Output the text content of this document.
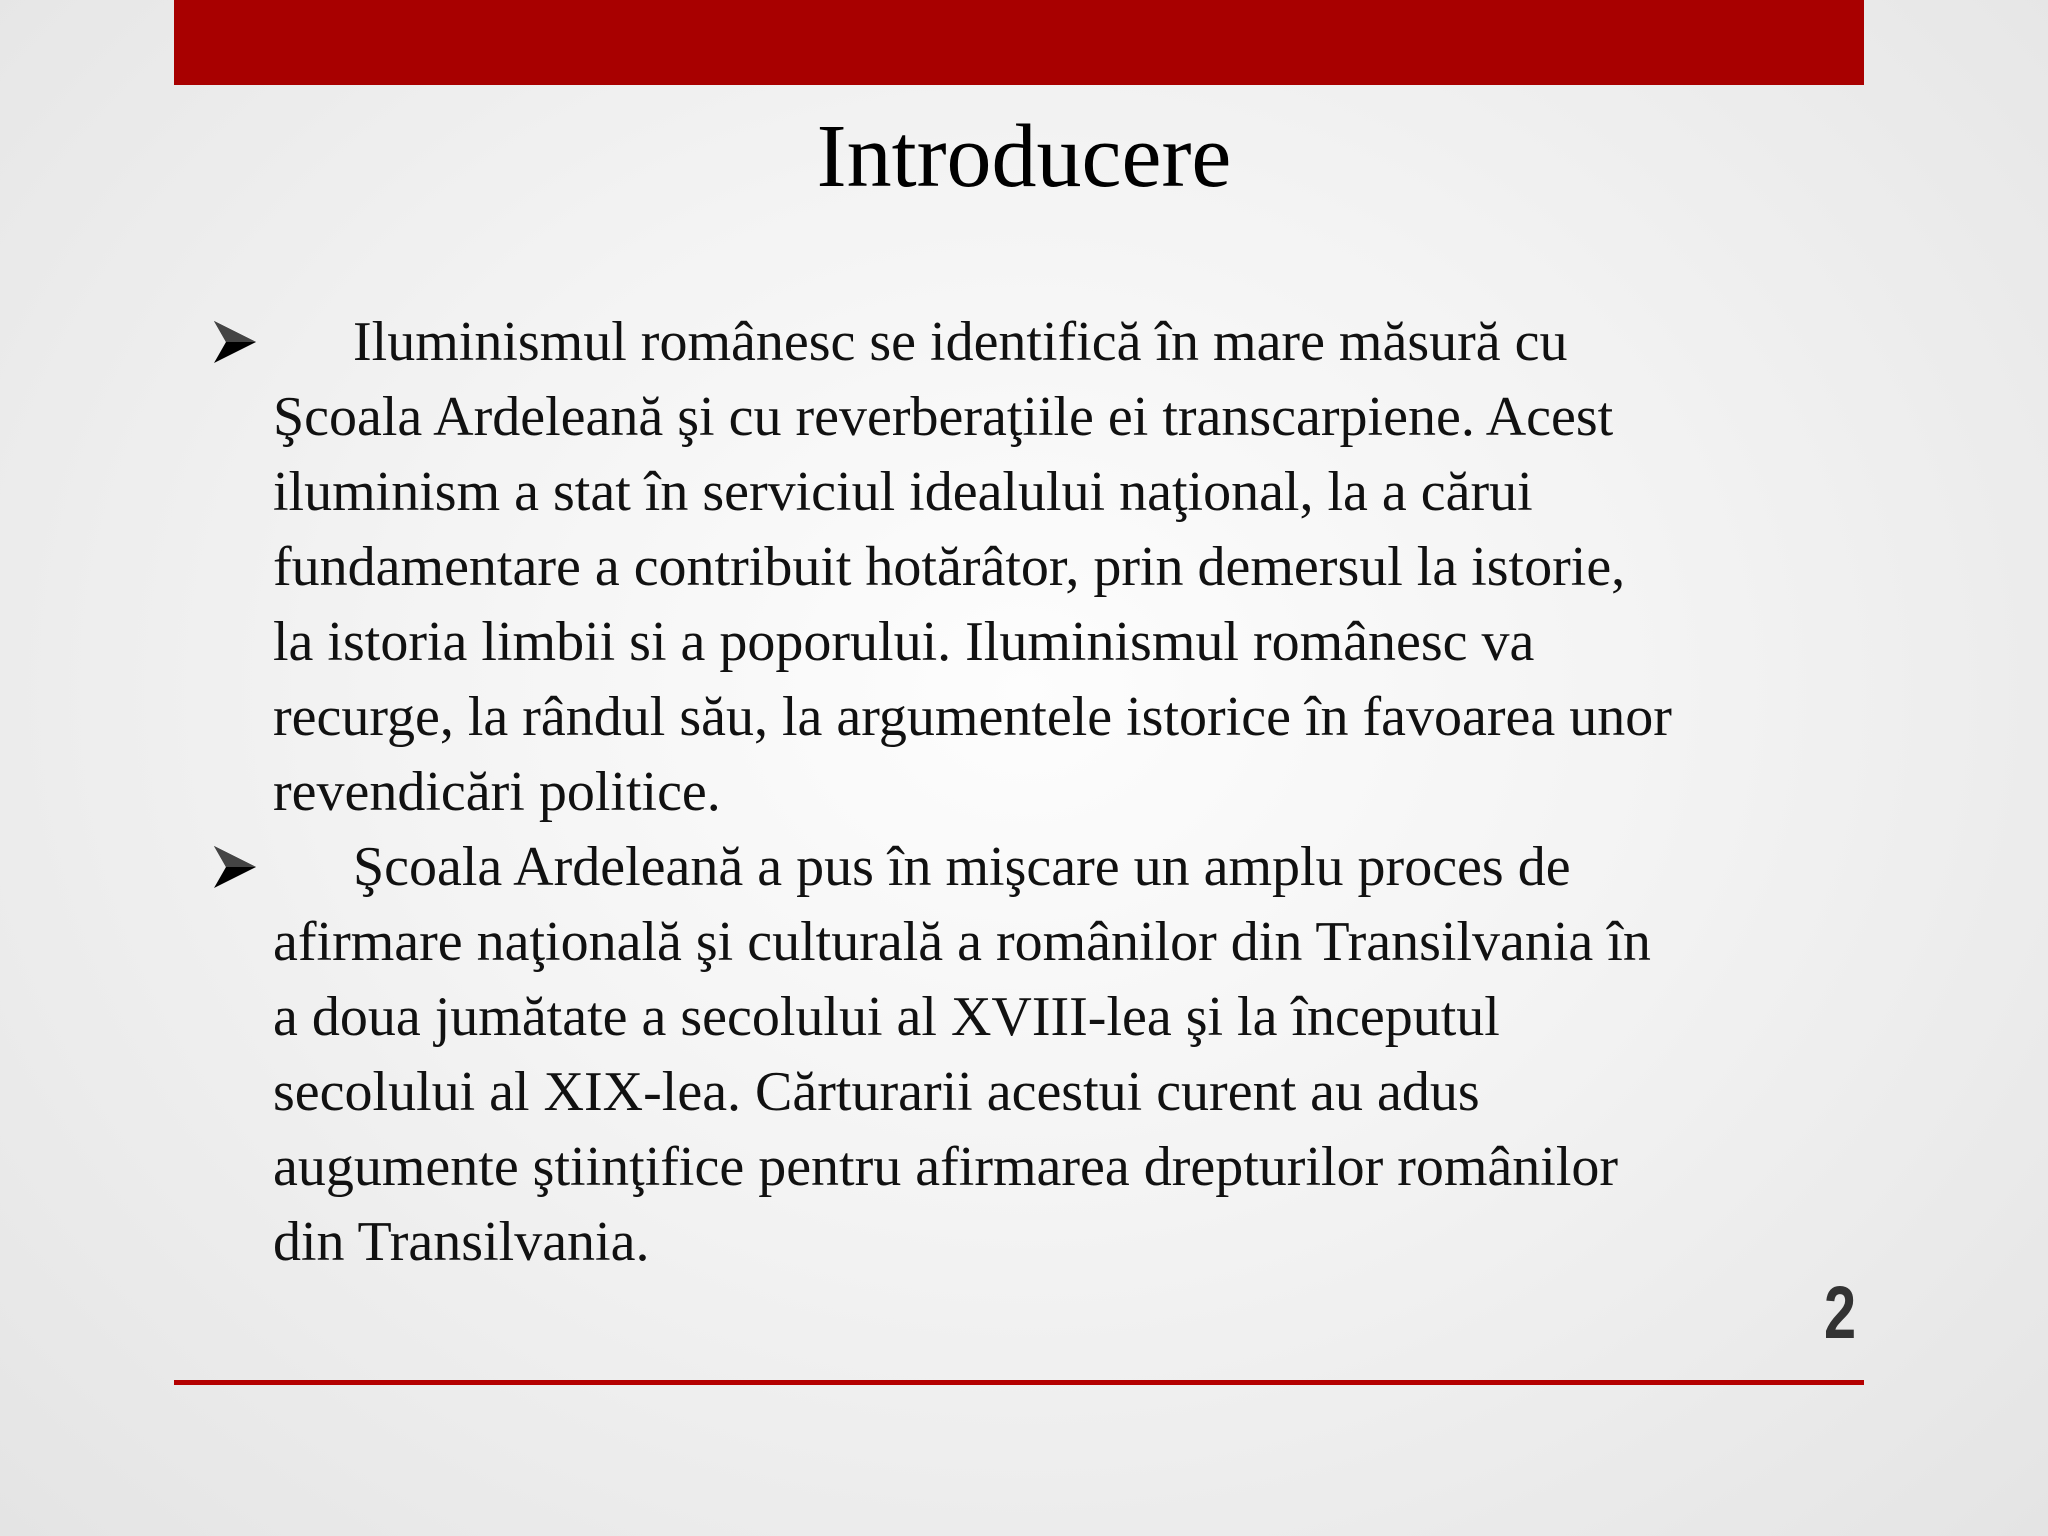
Introducere
Iluminismul românesc se identifică în mare măsură cu
Şcoala Ardeleană şi cu reverberaţiile ei transcarpiene. Acest
iluminism a stat în serviciul idealului naţional, la a cărui
fundamentare a contribuit hotărâtor, prin demersul la istorie,
la istoria limbii si a poporului. Iluminismul românesc va
recurge, la rândul său, la argumentele istorice în favoarea unor
revendicări politice.
Şcoala Ardeleană a pus în mişcare un amplu proces de
afirmare naţională şi culturală a românilor din Transilvania în
a doua jumătate a secolului al XVIII-lea şi la începutul
secolului al XIX-lea. Cărturarii acestui curent au adus
augumente ştiinţifice pentru afirmarea drepturilor românilor
din Transilvania.
2
